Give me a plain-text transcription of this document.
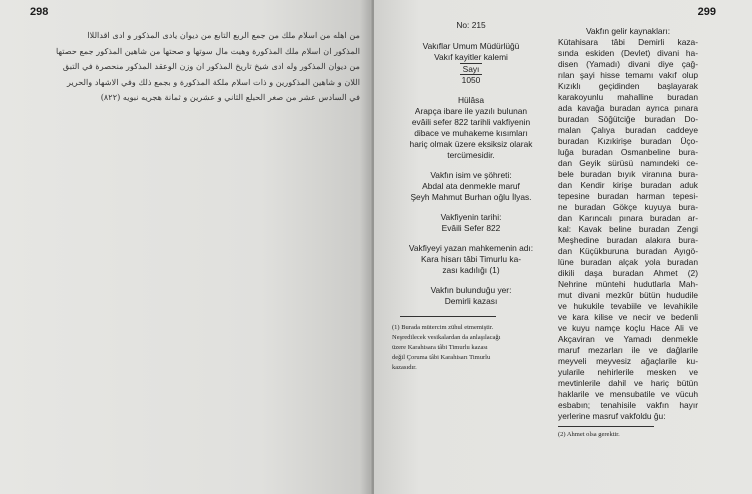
298
من اهله من اسلام ملك من جمع الربع التابع من ديوان يادى المذكور و ادى اقداللاا
المذكور ان اسلام ملك المذكورة وهيت مال سوتها و صحتها من شاهين المذكور جمع حصتها
من ديوان المذكور وله ادى شيخ تاريخ المذكور ان وزن الوعقد المذكور منحصرة في التبق
اللان و شاهين المذكورين و ذات اسلام ملكة المذكورة و بجمع ذلك وفي الاشهاد والحرير
في السادس عشر من صغر الحبلع الثاني و عشرين و ثمانة هجريه نبويه (٨٢٢)
299
No: 215
Vakıflar Umum Müdürlüğü
Vakıf kayitler kalemi
Sayı
1050
Hülâsa
Arapça ibare ile yazılı bulunan
evâili sefer 822 tarihli vakfiyenin
dibace ve muhakeme kısımları
hariç olmak üzere eksiksiz olarak
tercümesidir.
Vakfın isim ve şöhreti:
Abdal ata denmekle maruf
Şeyh Mahmut Burhan oğlu İlyas.
Vakfiyenin tarihi:
Evâili Sefer 822
Vakfiyeyi yazan mahkemenin adı:
Kara hisarı tâbi Timurlu ka-
zası kadılığı (1)
Vakfın bulunduğu yer:
Demirli kazası
(1) Burada mütercim zühul etmemiştir.
Neşredilecek vesikalardan da anlaşılacağı
üzere Karahisara tâbi Timurlu kazası
değil Çoruma tâbi Karahisarı Timurlu
kazasıdır.
Vakfın gelir kaynakları:
Kütahisara tâbi Demirli kaza-
sında eskiden (Devlet) divani ha-
disen (Yamadı) divani diye çağ-
rılan şayi hisse temamı vakıf olup
Kızıklı geçidinden başlayarak
karakoyunlu mahalline buradan
ada kavağa buradan ayrıca pınara
buradan Söğütciğe buradan Do-
malan Çalıya buradan caddeye
buradan Kızıkirişe buradan Üço-
luğa buradan Osmanbeline bura-
dan Geyik sürüsü namındeki ce-
bele buradan bıyık viranına bura-
dan Kendir kirişe buradan aduk
tepesine buradan harman tepesi-
ne buradan Gökçe kuyuya bura-
dan Karıncalı pınara buradan ar-
kal: Kavak beline buradan Zengi
Meşhedine buradan alakıra bura-
dan Küçükburuna buradan Ayıgö-
lüne buradan alçak yola buradan
dikili daşa buradan Ahmet (2)
Nehrine müntehi hudutlarla Mah-
mut divani mezkûr bütün hududile
ve hukukile tevabiile ve levahikile
ve kara kilise ve necir ve bedenli
ve kuyu namçe koçlu Hace Ali ve
Akçaviran ve Yamadı denmekle
maruf mezarları ile ve dağlarile
meyveli meyvesiz ağaçlarile ku-
yularile nehirlerile mesken ve
mevtinlerile dahil ve hariç bütün
haklarile ve mensubatile ve vücuh
esbabın; tenahisile vakfın hayır
yerlerine masruf vakfoldu ğu:
(2) Ahmet olsa gerektir.
